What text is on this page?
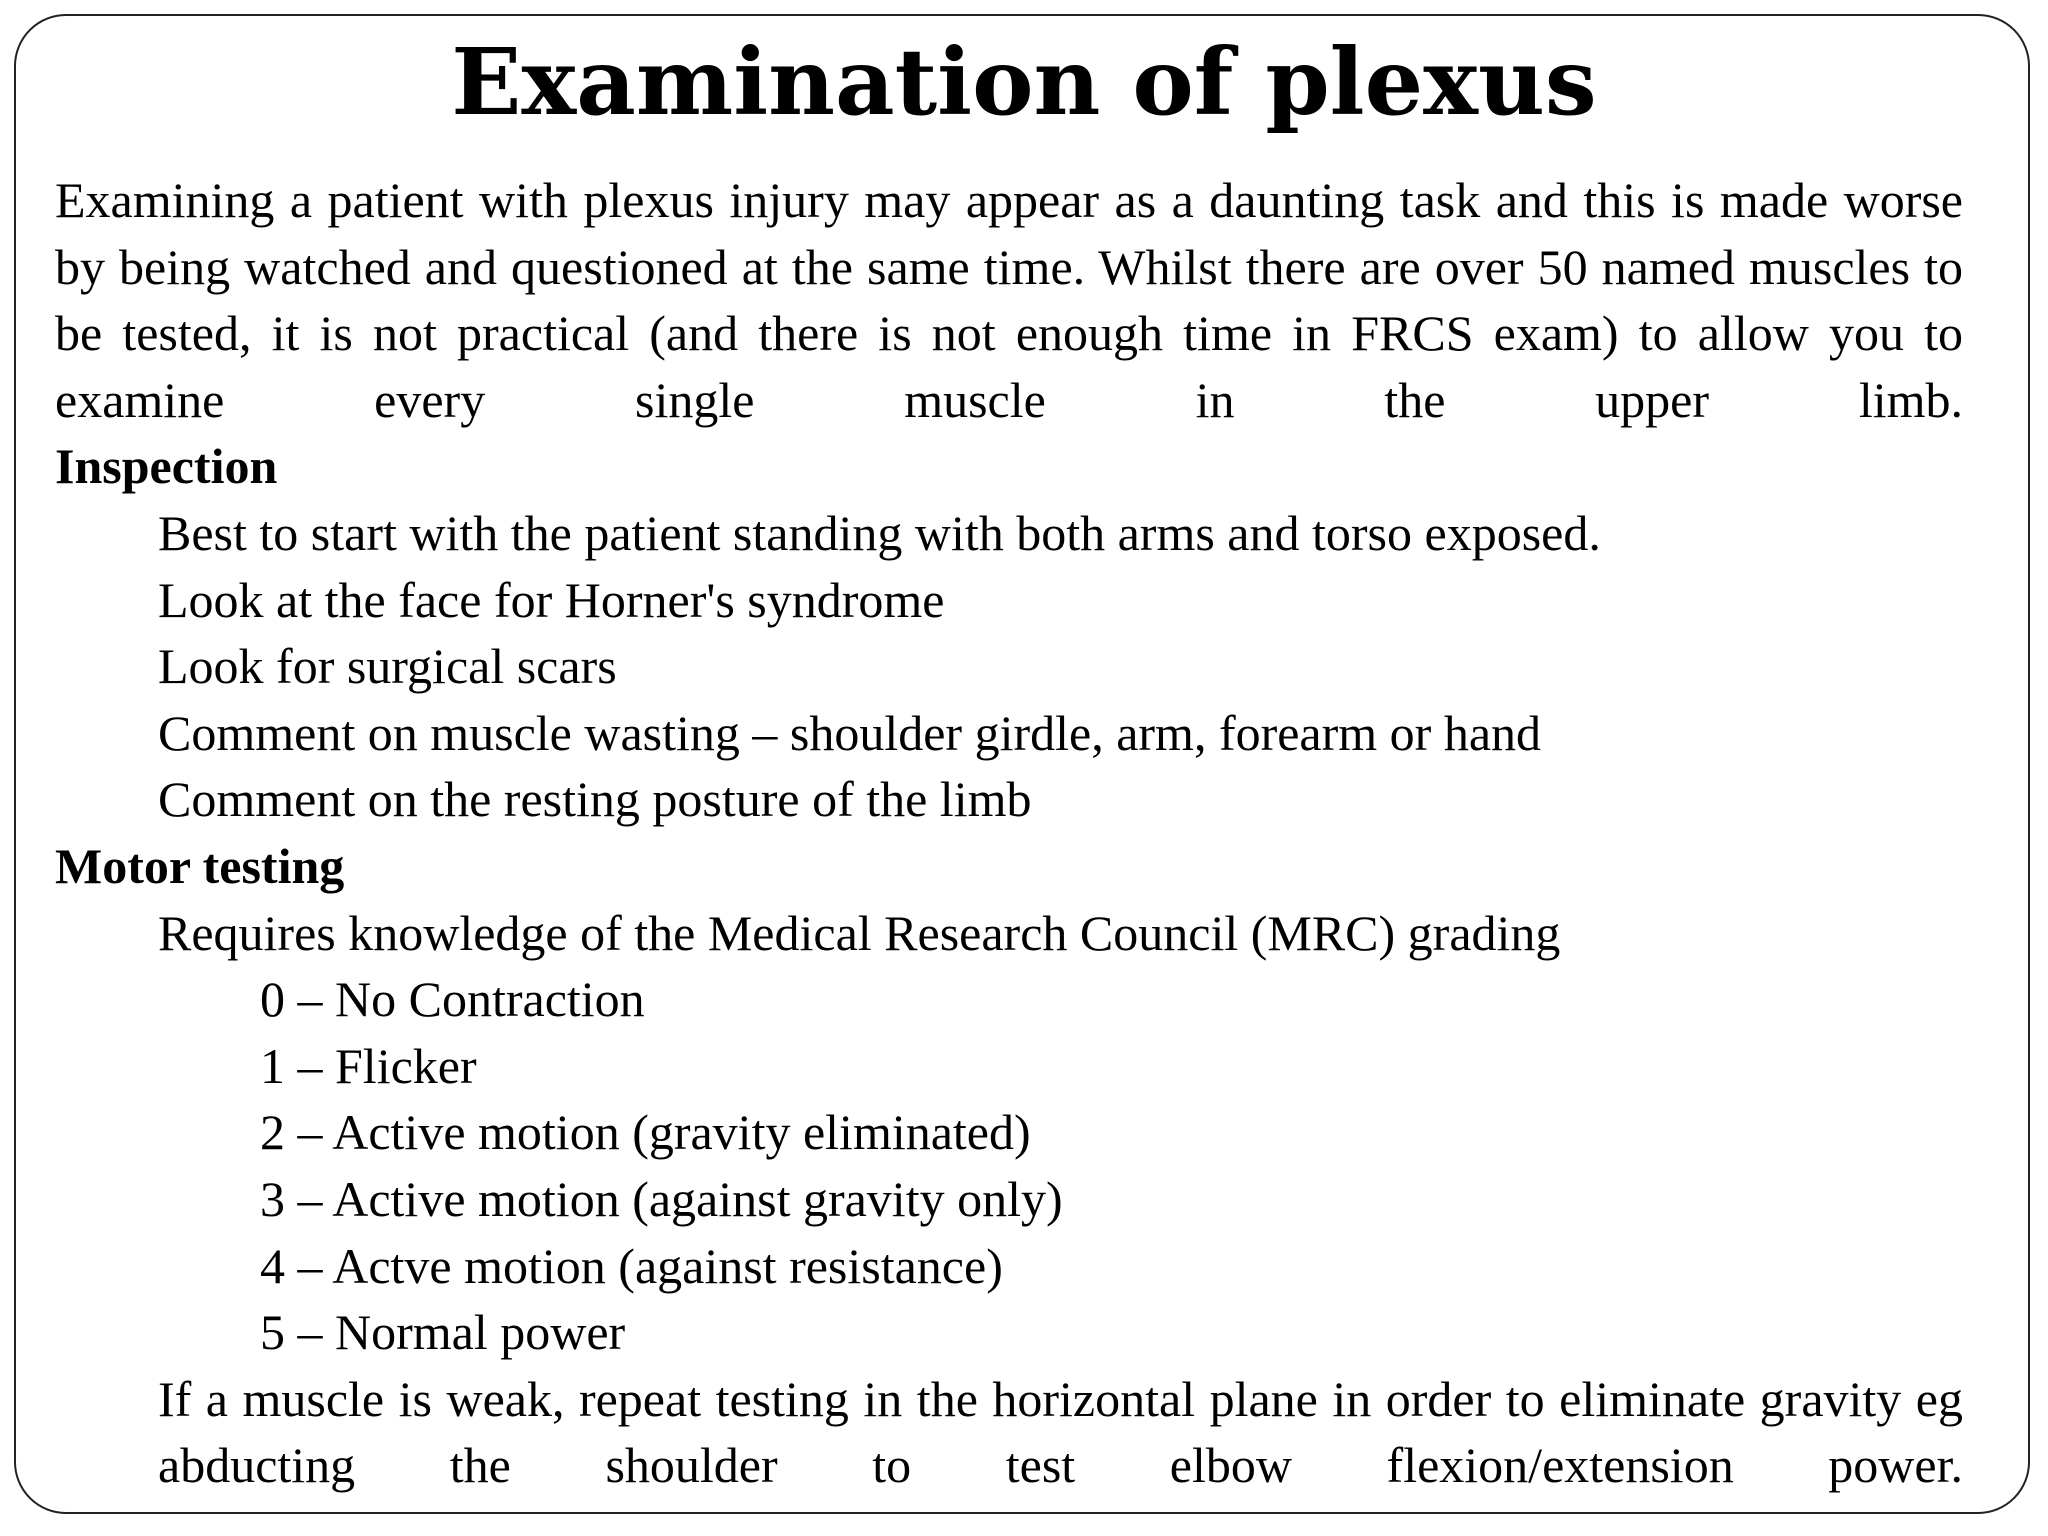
Examination of plexus

Examining a patient with plexus injury may appear as a daunting task and this is made worse by being watched and questioned at the same time. Whilst there are over 50 named muscles to be tested, it is not practical (and there is not enough time in FRCS exam) to allow you to examine every single muscle in the upper limb.

Inspection

Best to start with the patient standing with both arms and torso exposed.

Look at the face for Horner's syndrome

Look for surgical scars

Comment on muscle wasting – shoulder girdle, arm, forearm or hand

Comment on the resting posture of the limb

Motor testing

Requires knowledge of the Medical Research Council (MRC) grading

0 – No Contraction

1 – Flicker

2 – Active motion (gravity eliminated)

3 – Active motion (against gravity only)

4 – Actve motion (against resistance)

5 – Normal power

If a muscle is weak, repeat testing in the horizontal plane in order to eliminate gravity eg abducting the shoulder to test elbow flexion/extension power.
